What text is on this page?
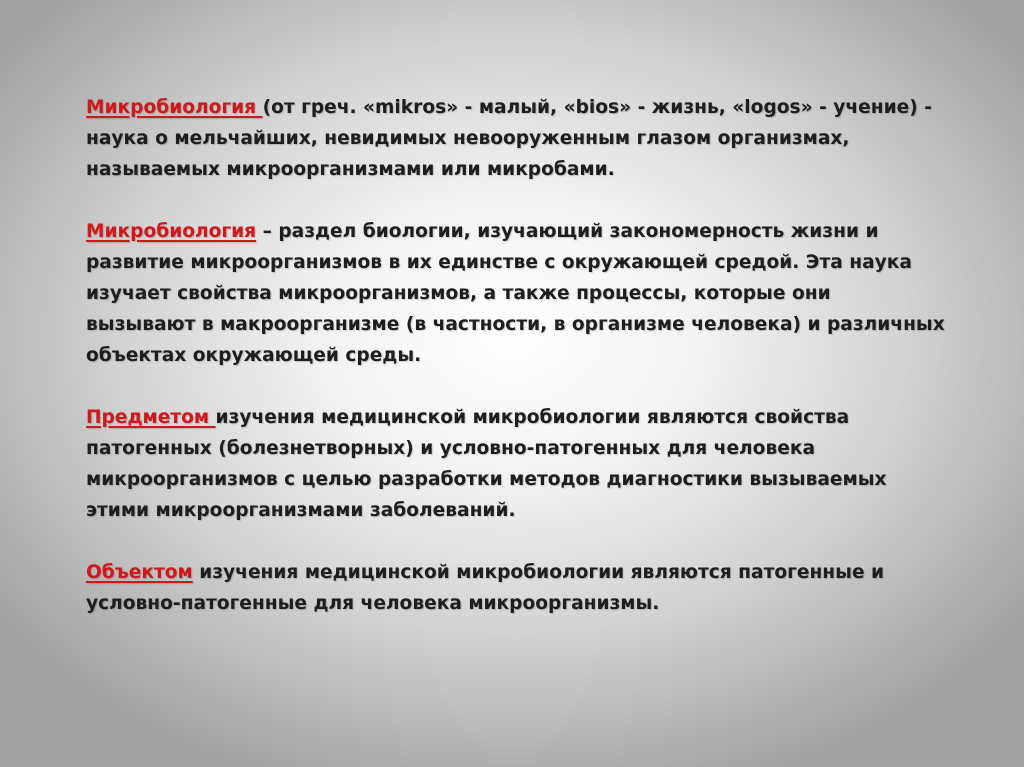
Микробиология (от греч. «mikros» - малый, «bios» - жизнь, «logos» - учение) - наука о мельчайших, невидимых невооруженным глазом организмах, называемых микроорганизмами или микробами.

Микробиология – раздел биологии, изучающий закономерность жизни и развитие микроорганизмов в их единстве с окружающей средой. Эта наука изучает свойства микроорганизмов, а также процессы, которые они вызывают в макроорганизме (в частности, в организме человека) и различных объектах окружающей среды.

Предметом изучения медицинской микробиологии являются свойства патогенных (болезнетворных) и условно-патогенных для человека микроорганизмов с целью разработки методов диагностики вызываемых этими микроорганизмами заболеваний.

Объектом изучения медицинской микробиологии являются патогенные и условно-патогенные для человека микроорганизмы.
